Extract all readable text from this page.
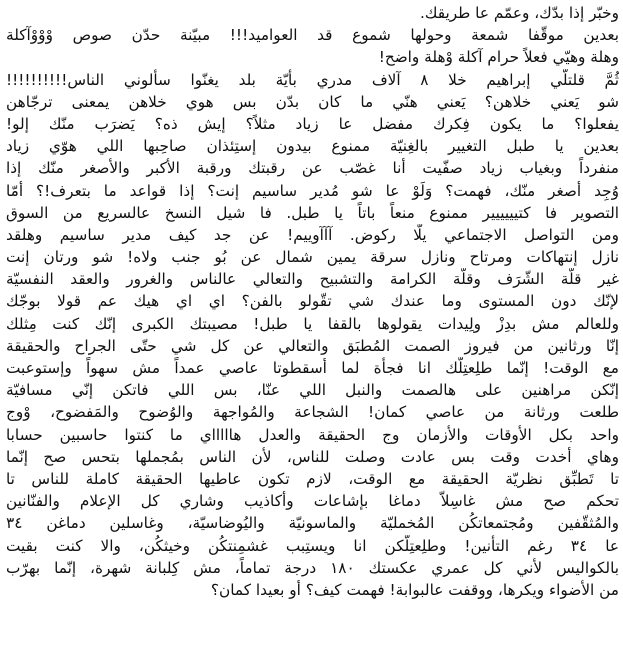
وخبّر إذا بدّك، وعمّم عا طريقك.
بعدين موقّفا شمعة وحولها شموع قد العواميد!!! مبيّنة حدّن صوص وْوْوْآكلة
وهلة وهيّي فعلاً حرام آكلة وْهلة واضح!
ثُمَّ قلتلّي إبراهيم خلا ٨ آلاف مدري بأيّة بلد يغنّوا سألوني الناس!!!!!!!!!!
شو يَعني خلاهن؟ يَعني هنّي ما كان بدّن بس هوي خلاهن يمعنى ترجّاهن
يفعلوا؟ ما يكون فِكرك مفضل عا زياد مثلاً؟ إيش ذه؟ يَضرَب منّك إلو!
بعدين يا طبل التغيير بالغِنيّة ممنوع بيدون إستِئذان صاحِبها اللي هوّي زياد
منفرداً وبغياب زياد صفّيت أنا غصّب عن رقبتك ورقبة الأكبر والأصغر منّك إذا
وُجِد أصغر منّك، فهمت؟ وَلَوْ عا شو مُدير ساسيم إنت؟ إذا قواعد ما بتعرف!؟ أمّا
التصوير فا كتيييييير ممنوع منعاً باتاً يا طبل. فا شيل النسخ عالسريع من السوق
ومن التواصل الاجتماعي يلّا ركوض. آآآوييم! عن جد كيف مدير ساسيم وهلقد
نازل إنتهاكات ومرتاح ونازل سرقة يمين شمال عن بُو جنب ولاه! شو ورتان إنت
غير قلّة الشّرَف وقلّة الكرامة والتشبيح والتعالي عالناس والغرور والعقد النفسيّة
لإنّك دون المستوى وما عندك شي تقّولو بالفن؟ اي اي هيك عم قولا بوجّك
وللعالم مش بدِزْ ولِيدات يقولوها بالقفا يا طبل! مصيبتك الكبرى إنّك كنت مِثلك
إنّا ورثانين من فيروز الصمت المُطبَق والتعالي عن كل شي حتّى الجراح والحقيقة
مع الوقت! إنّما طلِعتِلّك انا فجأة لما أسقطوتا عاصي عمداً مش سهواً وإستوعبت
إنّكن مراهنين على هالصمت والنبل اللي عنّا، بس اللي فاتكن إنّي مسافيّة
طلعت ورثانة من عاصي كمان! الشجاعة والمُواجهة والوُضوح والمَفضوح، وْوج
واحد بكل الأوقات والأزمان وج الحقيقة والعدل هاااااي ما كنتوا حاسبين حسابا
وهاي أخدت وقت بس عادت وصلت للناس، لأن الناس بمُجملها بتحس صح إنّما
تا تَطبِّق نظريّة الحقيقة مع الوقت، لازم تكون عاطيها الحقيقة كاملة للناس تا
تحكم صح مش غاسِلاّ دماغا بإشاعات وأكاذيب وشاري كل الإعلام والفنّانين
والمُثقّفين ومُجتمعاتكُن المُخمليّة والماسونيّة واليُوضاسيّة، وغاسلين دماغن ٣٤
عا ٣٤ رغم التأنين! وطلِعتِلّكن انا ويستِبب غشمِنتكُن وخيثكُن، والا كنت بقيت
بالكواليس لأني كل عمري عكستك ١٨٠ درجة تماماً، مش كِلبانة شهرة، إنّما بهرّب
من الأضواء ويكرها، ووقفت عالبوابة! فهمت كيف؟ أو بعيدا كمان؟
